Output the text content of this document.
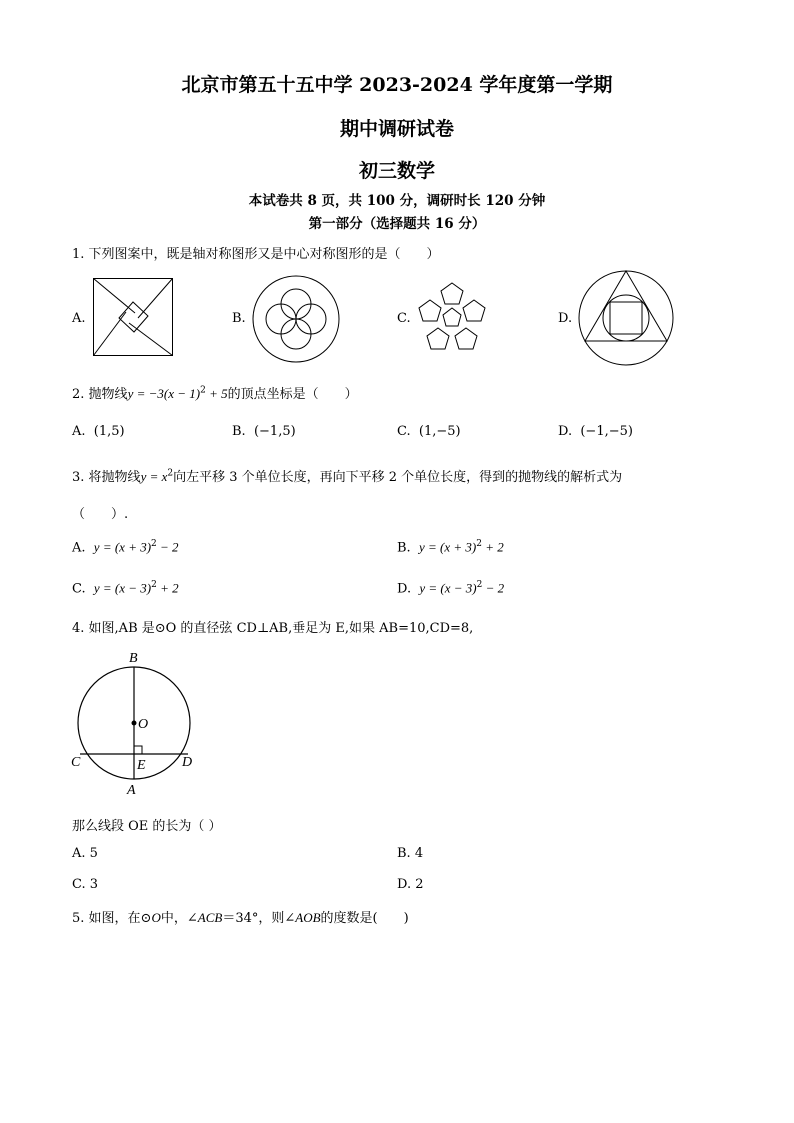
北京市第五十五中学 2023-2024 学年度第一学期
期中调研试卷
初三数学
本试卷共 8 页，共 100 分，调研时长 120 分钟
第一部分（选择题共 16 分）
1. 下列图案中，既是轴对称图形又是中心对称图形的是（　　）
A.	B.	C.	D.
2. 抛物线$y = -3(x - 1)^2 + 5$的顶点坐标是（　　）
A. (1,5)	B. (−1,5)	C. (1,−5)	D. (−1,−5)
3. 将抛物线$y = x^2$向左平移 3 个单位长度，再向下平移 2 个单位长度，得到的抛物线的解析式为
（　　）.
A. $y = (x + 3)^2 - 2$	B. $y = (x + 3)^2 + 2$
C. $y = (x - 3)^2 + 2$	D. $y = (x - 3)^2 - 2$
4. 如图,AB 是⊙O 的直径弦 CD⊥AB,垂足为 E,如果 AB=10,CD=8,
B
O
C	E	D
A
那么线段 OE 的长为（ ）
A. 5	B. 4
C. 3	D. 2
5. 如图，在⊙O中，∠ACB＝34°，则∠AOB的度数是(　　)
